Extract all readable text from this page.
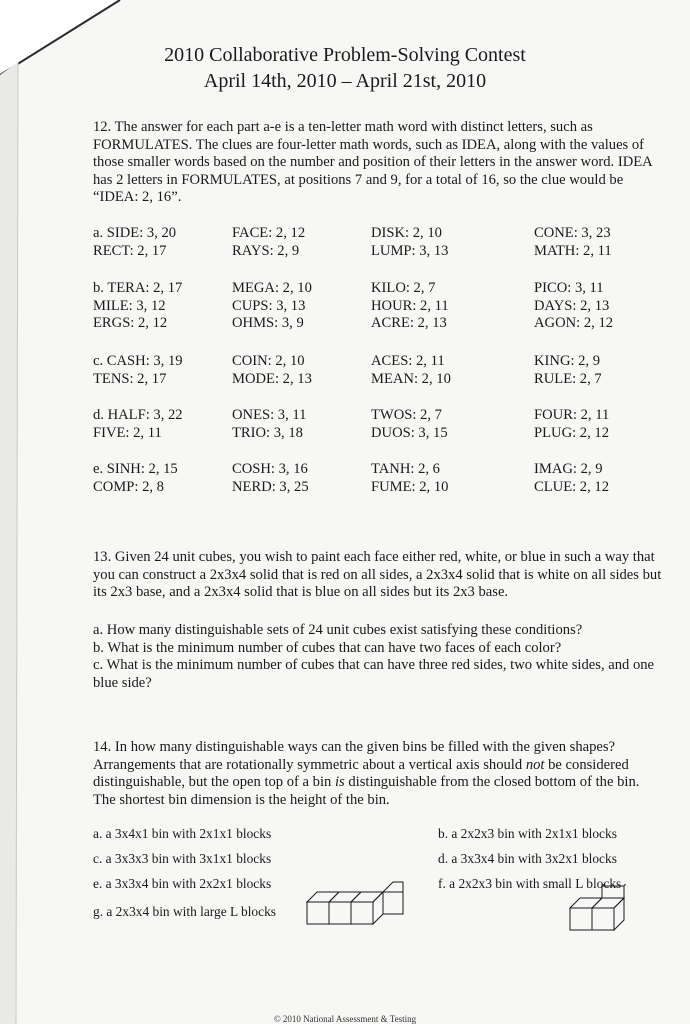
2010 Collaborative Problem-Solving Contest
April 14th, 2010 – April 21st, 2010
12. The answer for each part a-e is a ten-letter math word with distinct letters, such as
FORMULATES. The clues are four-letter math words, such as IDEA, along with the values of
those smaller words based on the number and position of their letters in the answer word. IDEA
has 2 letters in FORMULATES, at positions 7 and 9, for a total of 16, so the clue would be
“IDEA: 2, 16”.
a. SIDE: 3, 20	FACE: 2, 12	DISK: 2, 10	CONE: 3, 23
RECT: 2, 17	RAYS: 2, 9	LUMP: 3, 13	MATH: 2, 11
b. TERA: 2, 17	MEGA: 2, 10	KILO: 2, 7	PICO: 3, 11
MILE: 3, 12	CUPS: 3, 13	HOUR: 2, 11	DAYS: 2, 13
ERGS: 2, 12	OHMS: 3, 9	ACRE: 2, 13	AGON: 2, 12
c. CASH: 3, 19	COIN: 2, 10	ACES: 2, 11	KING: 2, 9
TENS: 2, 17	MODE: 2, 13	MEAN: 2, 10	RULE: 2, 7
d. HALF: 3, 22	ONES: 3, 11	TWOS: 2, 7	FOUR: 2, 11
FIVE: 2, 11	TRIO: 3, 18	DUOS: 3, 15	PLUG: 2, 12
e. SINH: 2, 15	COSH: 3, 16	TANH: 2, 6	IMAG: 2, 9
COMP: 2, 8	NERD: 3, 25	FUME: 2, 10	CLUE: 2, 12
13. Given 24 unit cubes, you wish to paint each face either red, white, or blue in such a way that
you can construct a 2x3x4 solid that is red on all sides, a 2x3x4 solid that is white on all sides but
its 2x3 base, and a 2x3x4 solid that is blue on all sides but its 2x3 base.
a. How many distinguishable sets of 24 unit cubes exist satisfying these conditions?
b. What is the minimum number of cubes that can have two faces of each color?
c. What is the minimum number of cubes that can have three red sides, two white sides, and one
blue side?
14. In how many distinguishable ways can the given bins be filled with the given shapes?
Arrangements that are rotationally symmetric about a vertical axis should not be considered
distinguishable, but the open top of a bin is distinguishable from the closed bottom of the bin.
The shortest bin dimension is the height of the bin.
a. a 3x4x1 bin with 2x1x1 blocks	b. a 2x2x3 bin with 2x1x1 blocks
c. a 3x3x3 bin with 3x1x1 blocks	d. a 3x3x4 bin with 3x2x1 blocks
e. a 3x3x4 bin with 2x2x1 blocks	f. a 2x2x3 bin with small L blocks
g. a 2x3x4 bin with large L blocks
© 2010 National Assessment & Testing
